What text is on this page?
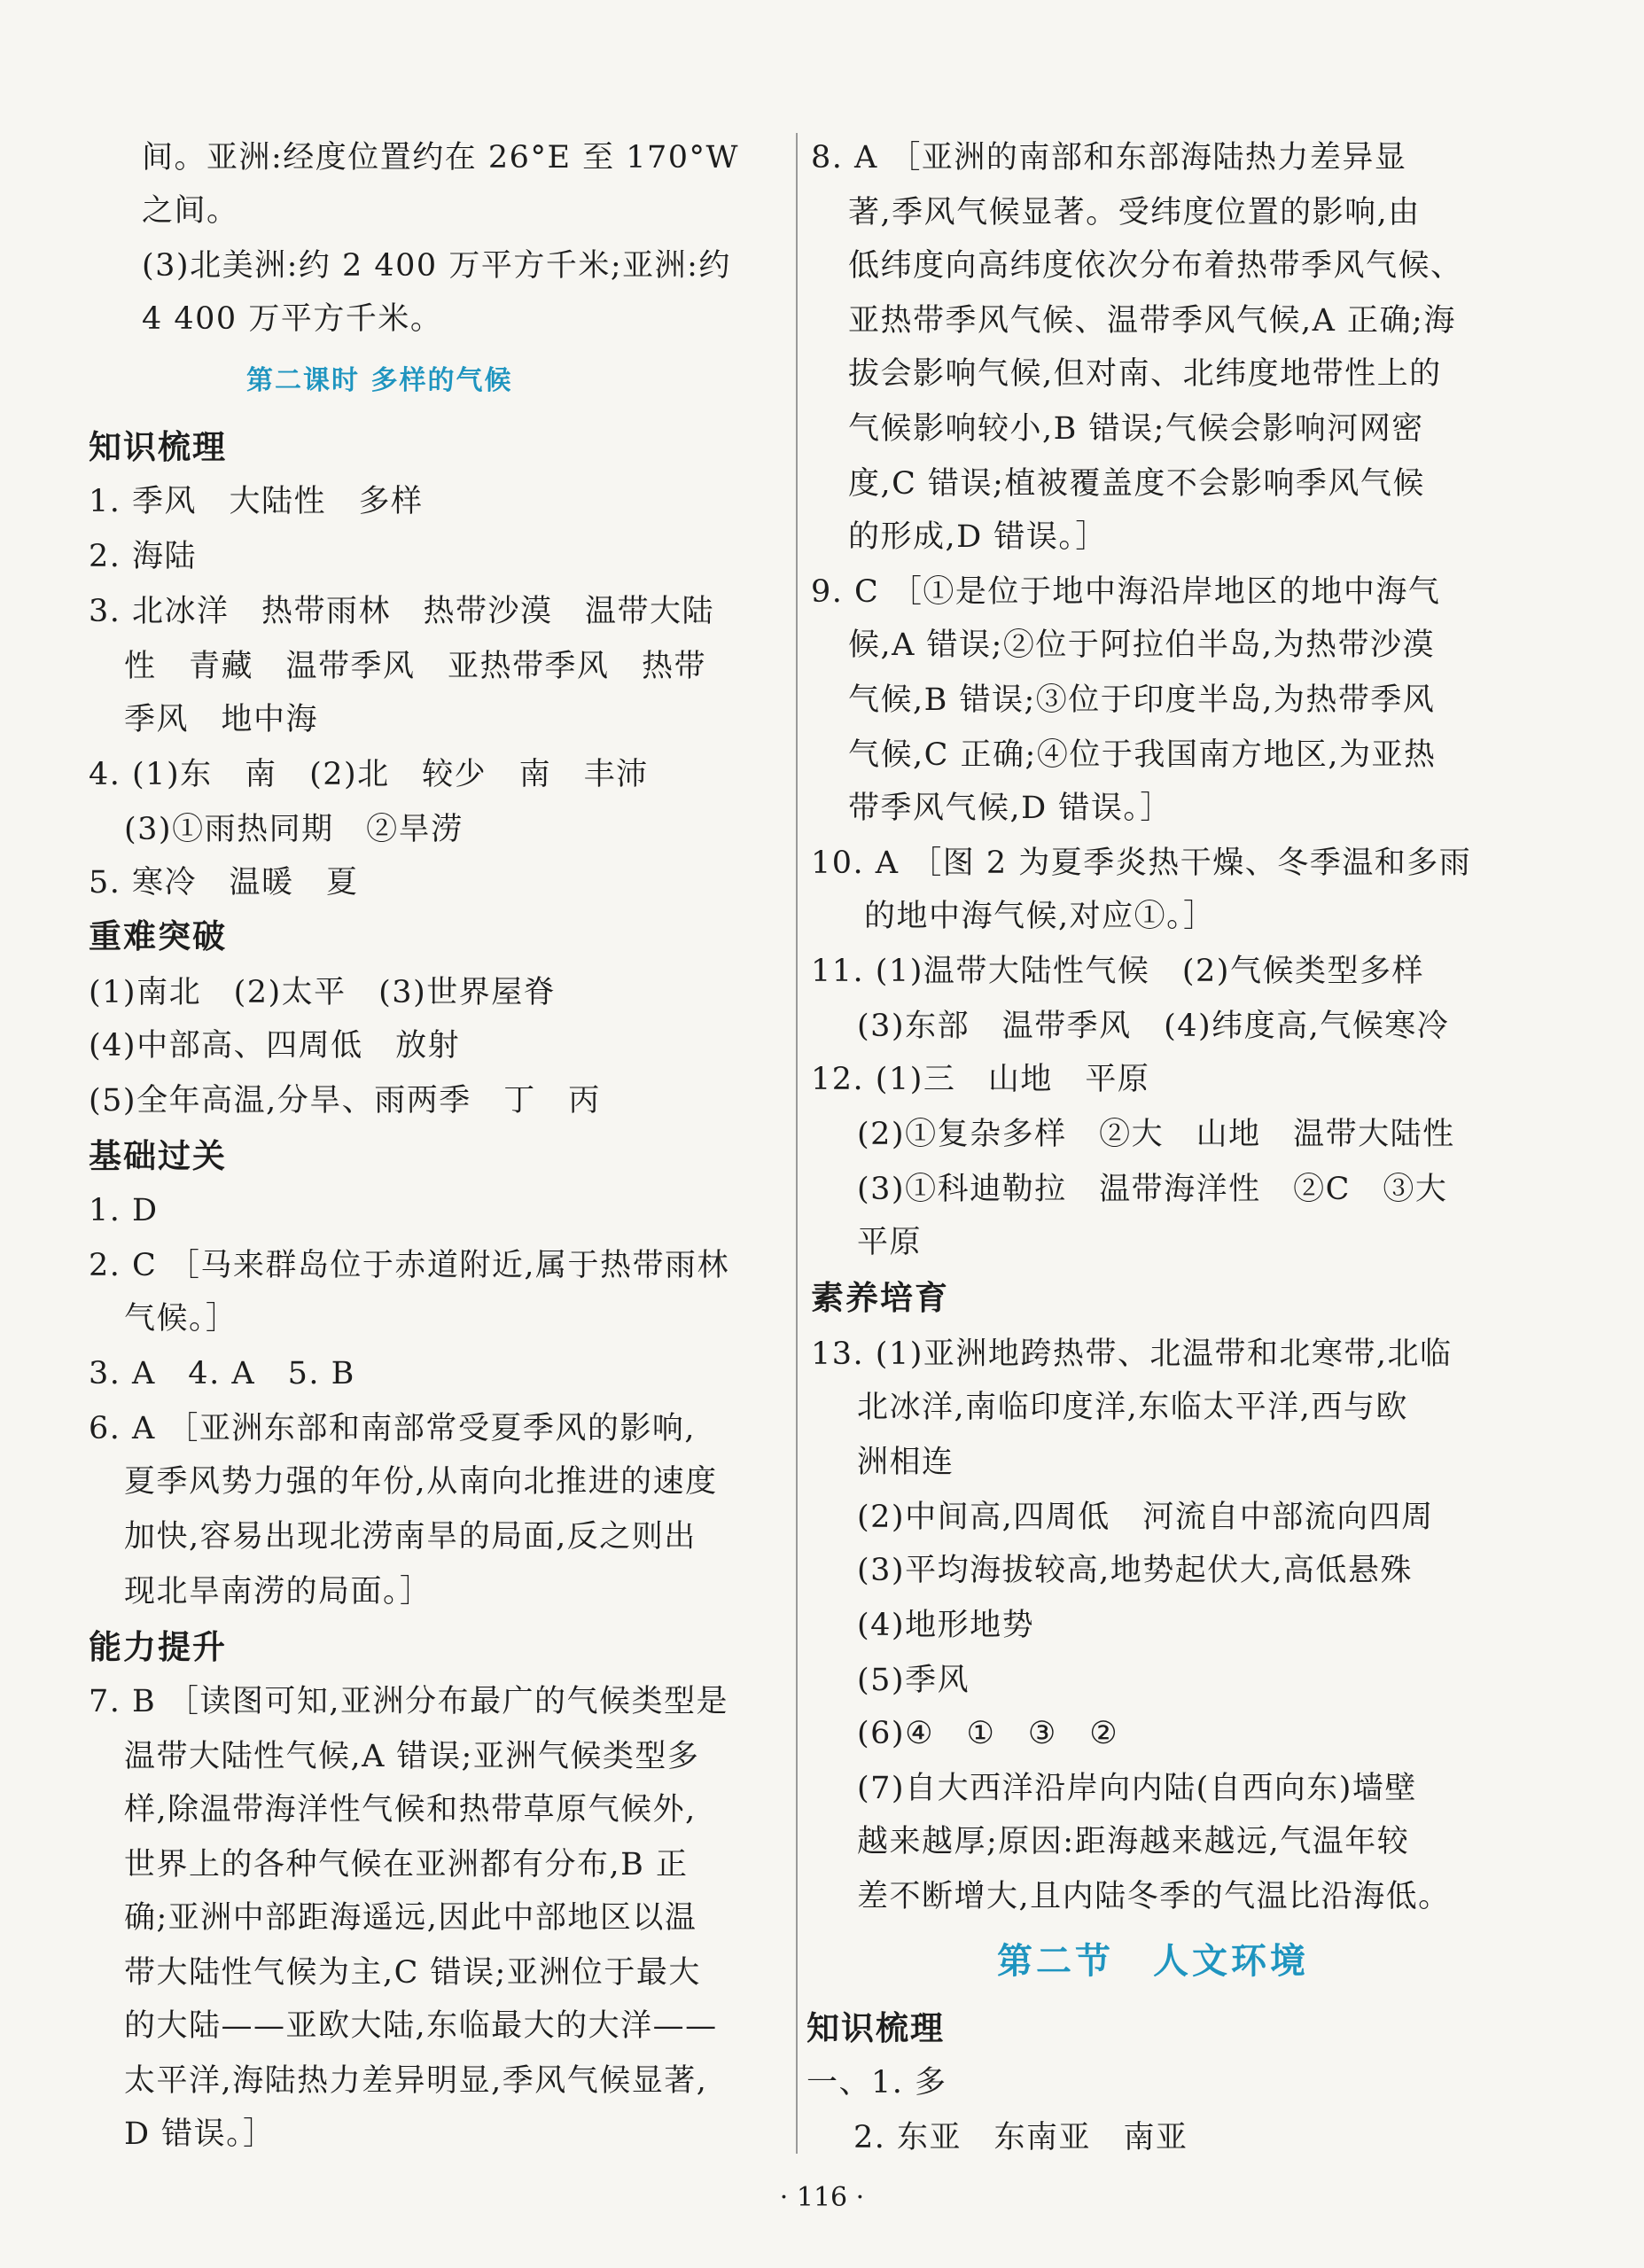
间。亚洲:经度位置约在 26°E 至 170°W
之间。
(3)北美洲:约 2 400 万平方千米;亚洲:约
4 400 万平方千米。
第二课时 多样的气候
知识梳理
1. 季风　大陆性　多样
2. 海陆
3. 北冰洋　热带雨林　热带沙漠　温带大陆
性　青藏　温带季风　亚热带季风　热带
季风　地中海
4. (1)东　南　(2)北　较少　南　丰沛
(3)①雨热同期　②旱涝
5. 寒冷　温暖　夏
重难突破
(1)南北　(2)太平　(3)世界屋脊
(4)中部高、四周低　放射
(5)全年高温,分旱、雨两季　丁　丙
基础过关
1. D
2. C ［马来群岛位于赤道附近,属于热带雨林
气候。］
3. A　4. A　5. B
6. A ［亚洲东部和南部常受夏季风的影响,
夏季风势力强的年份,从南向北推进的速度
加快,容易出现北涝南旱的局面,反之则出
现北旱南涝的局面。］
能力提升
7. B ［读图可知,亚洲分布最广的气候类型是
温带大陆性气候,A 错误;亚洲气候类型多
样,除温带海洋性气候和热带草原气候外,
世界上的各种气候在亚洲都有分布,B 正
确;亚洲中部距海遥远,因此中部地区以温
带大陆性气候为主,C 错误;亚洲位于最大
的大陆——亚欧大陆,东临最大的大洋——
太平洋,海陆热力差异明显,季风气候显著,
D 错误。］
8. A ［亚洲的南部和东部海陆热力差异显
著,季风气候显著。受纬度位置的影响,由
低纬度向高纬度依次分布着热带季风气候、
亚热带季风气候、温带季风气候,A 正确;海
拔会影响气候,但对南、北纬度地带性上的
气候影响较小,B 错误;气候会影响河网密
度,C 错误;植被覆盖度不会影响季风气候
的形成,D 错误。］
9. C ［①是位于地中海沿岸地区的地中海气
候,A 错误;②位于阿拉伯半岛,为热带沙漠
气候,B 错误;③位于印度半岛,为热带季风
气候,C 正确;④位于我国南方地区,为亚热
带季风气候,D 错误。］
10. A ［图 2 为夏季炎热干燥、冬季温和多雨
的地中海气候,对应①。］
11. (1)温带大陆性气候　(2)气候类型多样
(3)东部　温带季风　(4)纬度高,气候寒冷
12. (1)三　山地　平原
(2)①复杂多样　②大　山地　温带大陆性
(3)①科迪勒拉　温带海洋性　②C　③大
平原
素养培育
13. (1)亚洲地跨热带、北温带和北寒带,北临
北冰洋,南临印度洋,东临太平洋,西与欧
洲相连
(2)中间高,四周低　河流自中部流向四周
(3)平均海拔较高,地势起伏大,高低悬殊
(4)地形地势
(5)季风
(6)④　①　③　②
(7)自大西洋沿岸向内陆(自西向东)墙壁
越来越厚;原因:距海越来越远,气温年较
差不断增大,且内陆冬季的气温比沿海低。
第二节　人文环境
知识梳理
一、1. 多
2. 东亚　东南亚　南亚
· 116 ·
